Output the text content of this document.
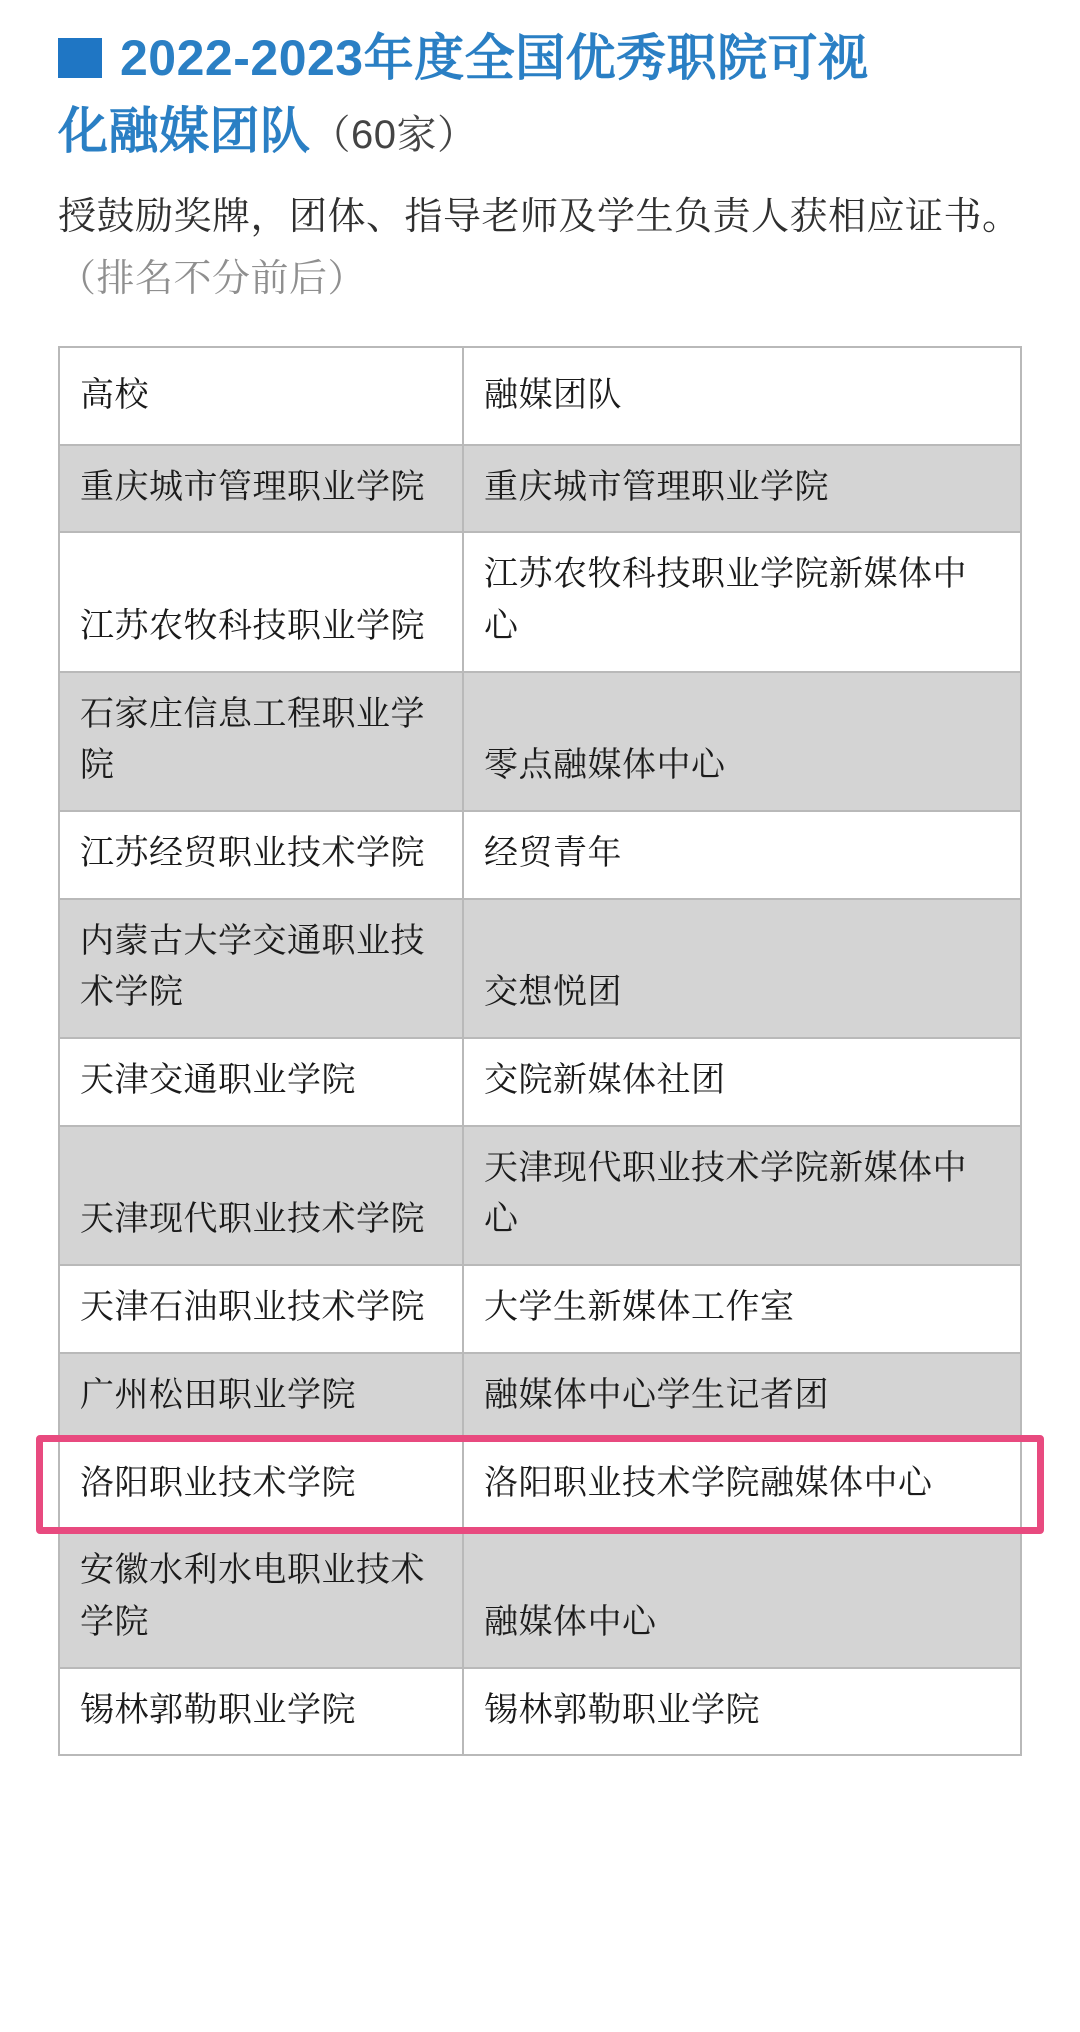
2022-2023年度全国优秀职院可视
化融媒团队（60家）
授鼓励奖牌，团体、指导老师及学生负责人获相应证书。（排名不分前后）
高校	融媒团队
重庆城市管理职业学院	重庆城市管理职业学院
江苏农牧科技职业学院	江苏农牧科技职业学院新媒体中心
石家庄信息工程职业学院	零点融媒体中心
江苏经贸职业技术学院	经贸青年
内蒙古大学交通职业技术学院	交想悦团
天津交通职业学院	交院新媒体社团
天津现代职业技术学院	天津现代职业技术学院新媒体中心
天津石油职业技术学院	大学生新媒体工作室
广州松田职业学院	融媒体中心学生记者团
洛阳职业技术学院	洛阳职业技术学院融媒体中心
安徽水利水电职业技术学院	融媒体中心
锡林郭勒职业学院	锡林郭勒职业学院
